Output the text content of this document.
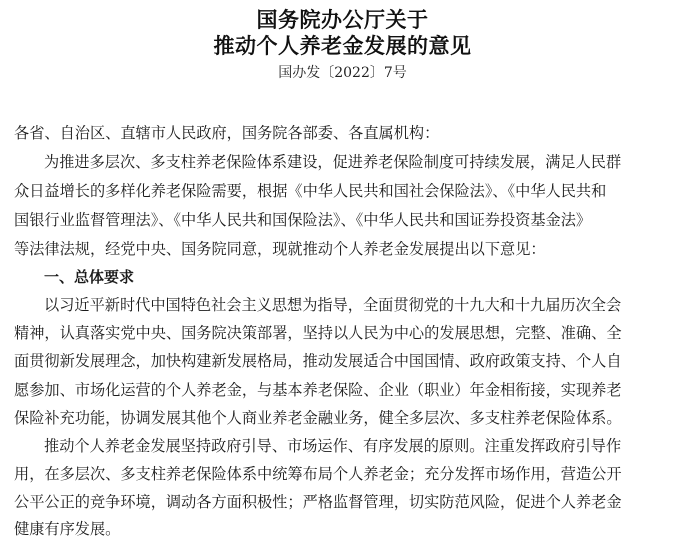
国务院办公厅关于
推动个人养老金发展的意见
国办发〔2022〕7号
各省、自治区、直辖市人民政府，国务院各部委、各直属机构：
为推进多层次、多支柱养老保险体系建设，促进养老保险制度可持续发展，满足人民群
众日益增长的多样化养老保险需要，根据《中华人民共和国社会保险法》、《中华人民共和
国银行业监督管理法》、《中华人民共和国保险法》、《中华人民共和国证券投资基金法》
等法律法规，经党中央、国务院同意，现就推动个人养老金发展提出以下意见：
一、总体要求
以习近平新时代中国特色社会主义思想为指导，全面贯彻党的十九大和十九届历次全会
精神，认真落实党中央、国务院决策部署，坚持以人民为中心的发展思想，完整、准确、全
面贯彻新发展理念，加快构建新发展格局，推动发展适合中国国情、政府政策支持、个人自
愿参加、市场化运营的个人养老金，与基本养老保险、企业（职业）年金相衔接，实现养老
保险补充功能，协调发展其他个人商业养老金融业务，健全多层次、多支柱养老保险体系。
推动个人养老金发展坚持政府引导、市场运作、有序发展的原则。注重发挥政府引导作
用，在多层次、多支柱养老保险体系中统筹布局个人养老金；充分发挥市场作用，营造公开
公平公正的竞争环境，调动各方面积极性；严格监督管理，切实防范风险，促进个人养老金
健康有序发展。
